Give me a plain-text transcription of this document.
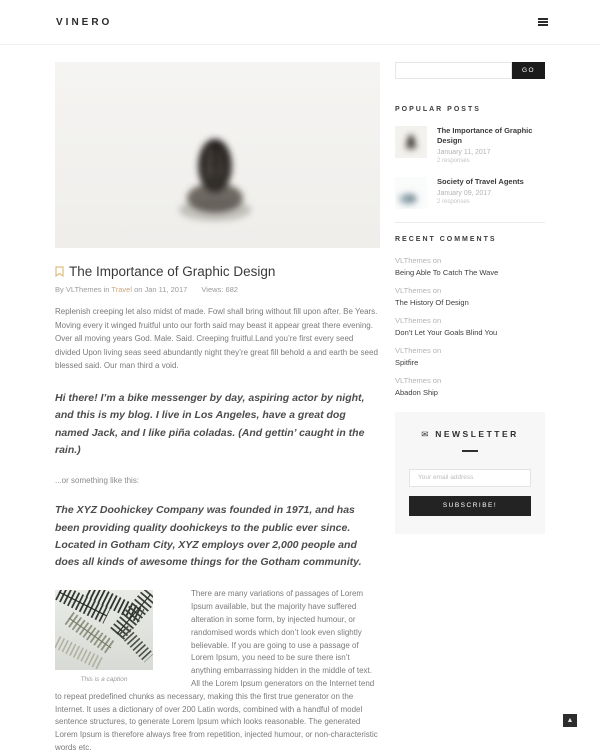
VINERO
The Importance of Graphic Design
By VLThemes in Travel on Jan 11, 2017 Views: 682

Replenish creeping let also midst of made. Fowl shall bring without fill upon after. Be Years. Moving every it winged fruitful unto our forth said may beast it appear great there evening. Over all moving years God. Male. Said. Creeping fruitful.Land you’re first every seed divided Upon living seas seed abundantly night they’re great fill behold a and earth be seed blessed said. Our man third a void.

Hi there! I’m a bike messenger by day, aspiring actor by night, and this is my blog. I live in Los Angeles, have a great dog named Jack, and I like piña coladas. (And gettin’ caught in the rain.)

...or something like this:

The XYZ Doohickey Company was founded in 1971, and has been providing quality doohickeys to the public ever since. Located in Gotham City, XYZ employs over 2,000 people and does all kinds of awesome things for the Gotham community.
This is a caption
There are many variations of passages of Lorem Ipsum available, but the majority have suffered alteration in some form, by injected humour, or randomised words which don’t look even slightly believable. If you are going to use a passage of Lorem Ipsum, you need to be sure there isn’t anything embarrassing hidden in the middle of text. All the Lorem Ipsum generators on the Internet tend to repeat predefined chunks as necessary, making this the first true generator on the Internet. It uses a dictionary of over 200 Latin words, combined with a handful of model sentence structures, to generate Lorem Ipsum which looks reasonable. The generated Lorem Ipsum is therefore always free from repetition, injected humour, or non-characteristic words etc.
GO
POPULAR POSTS
The Importance of Graphic Design
January 11, 2017
2 responses
Society of Travel Agents
January 09, 2017
2 responses
RECENT COMMENTS
VLThemes on
Being Able To Catch The Wave
VLThemes on
The History Of Design
VLThemes on
Don’t Let Your Goals Blind You
VLThemes on
Spitfire
VLThemes on
Abadon Ship
✉ NEWSLETTER
Your email address SUBSCRIBE!
▲
